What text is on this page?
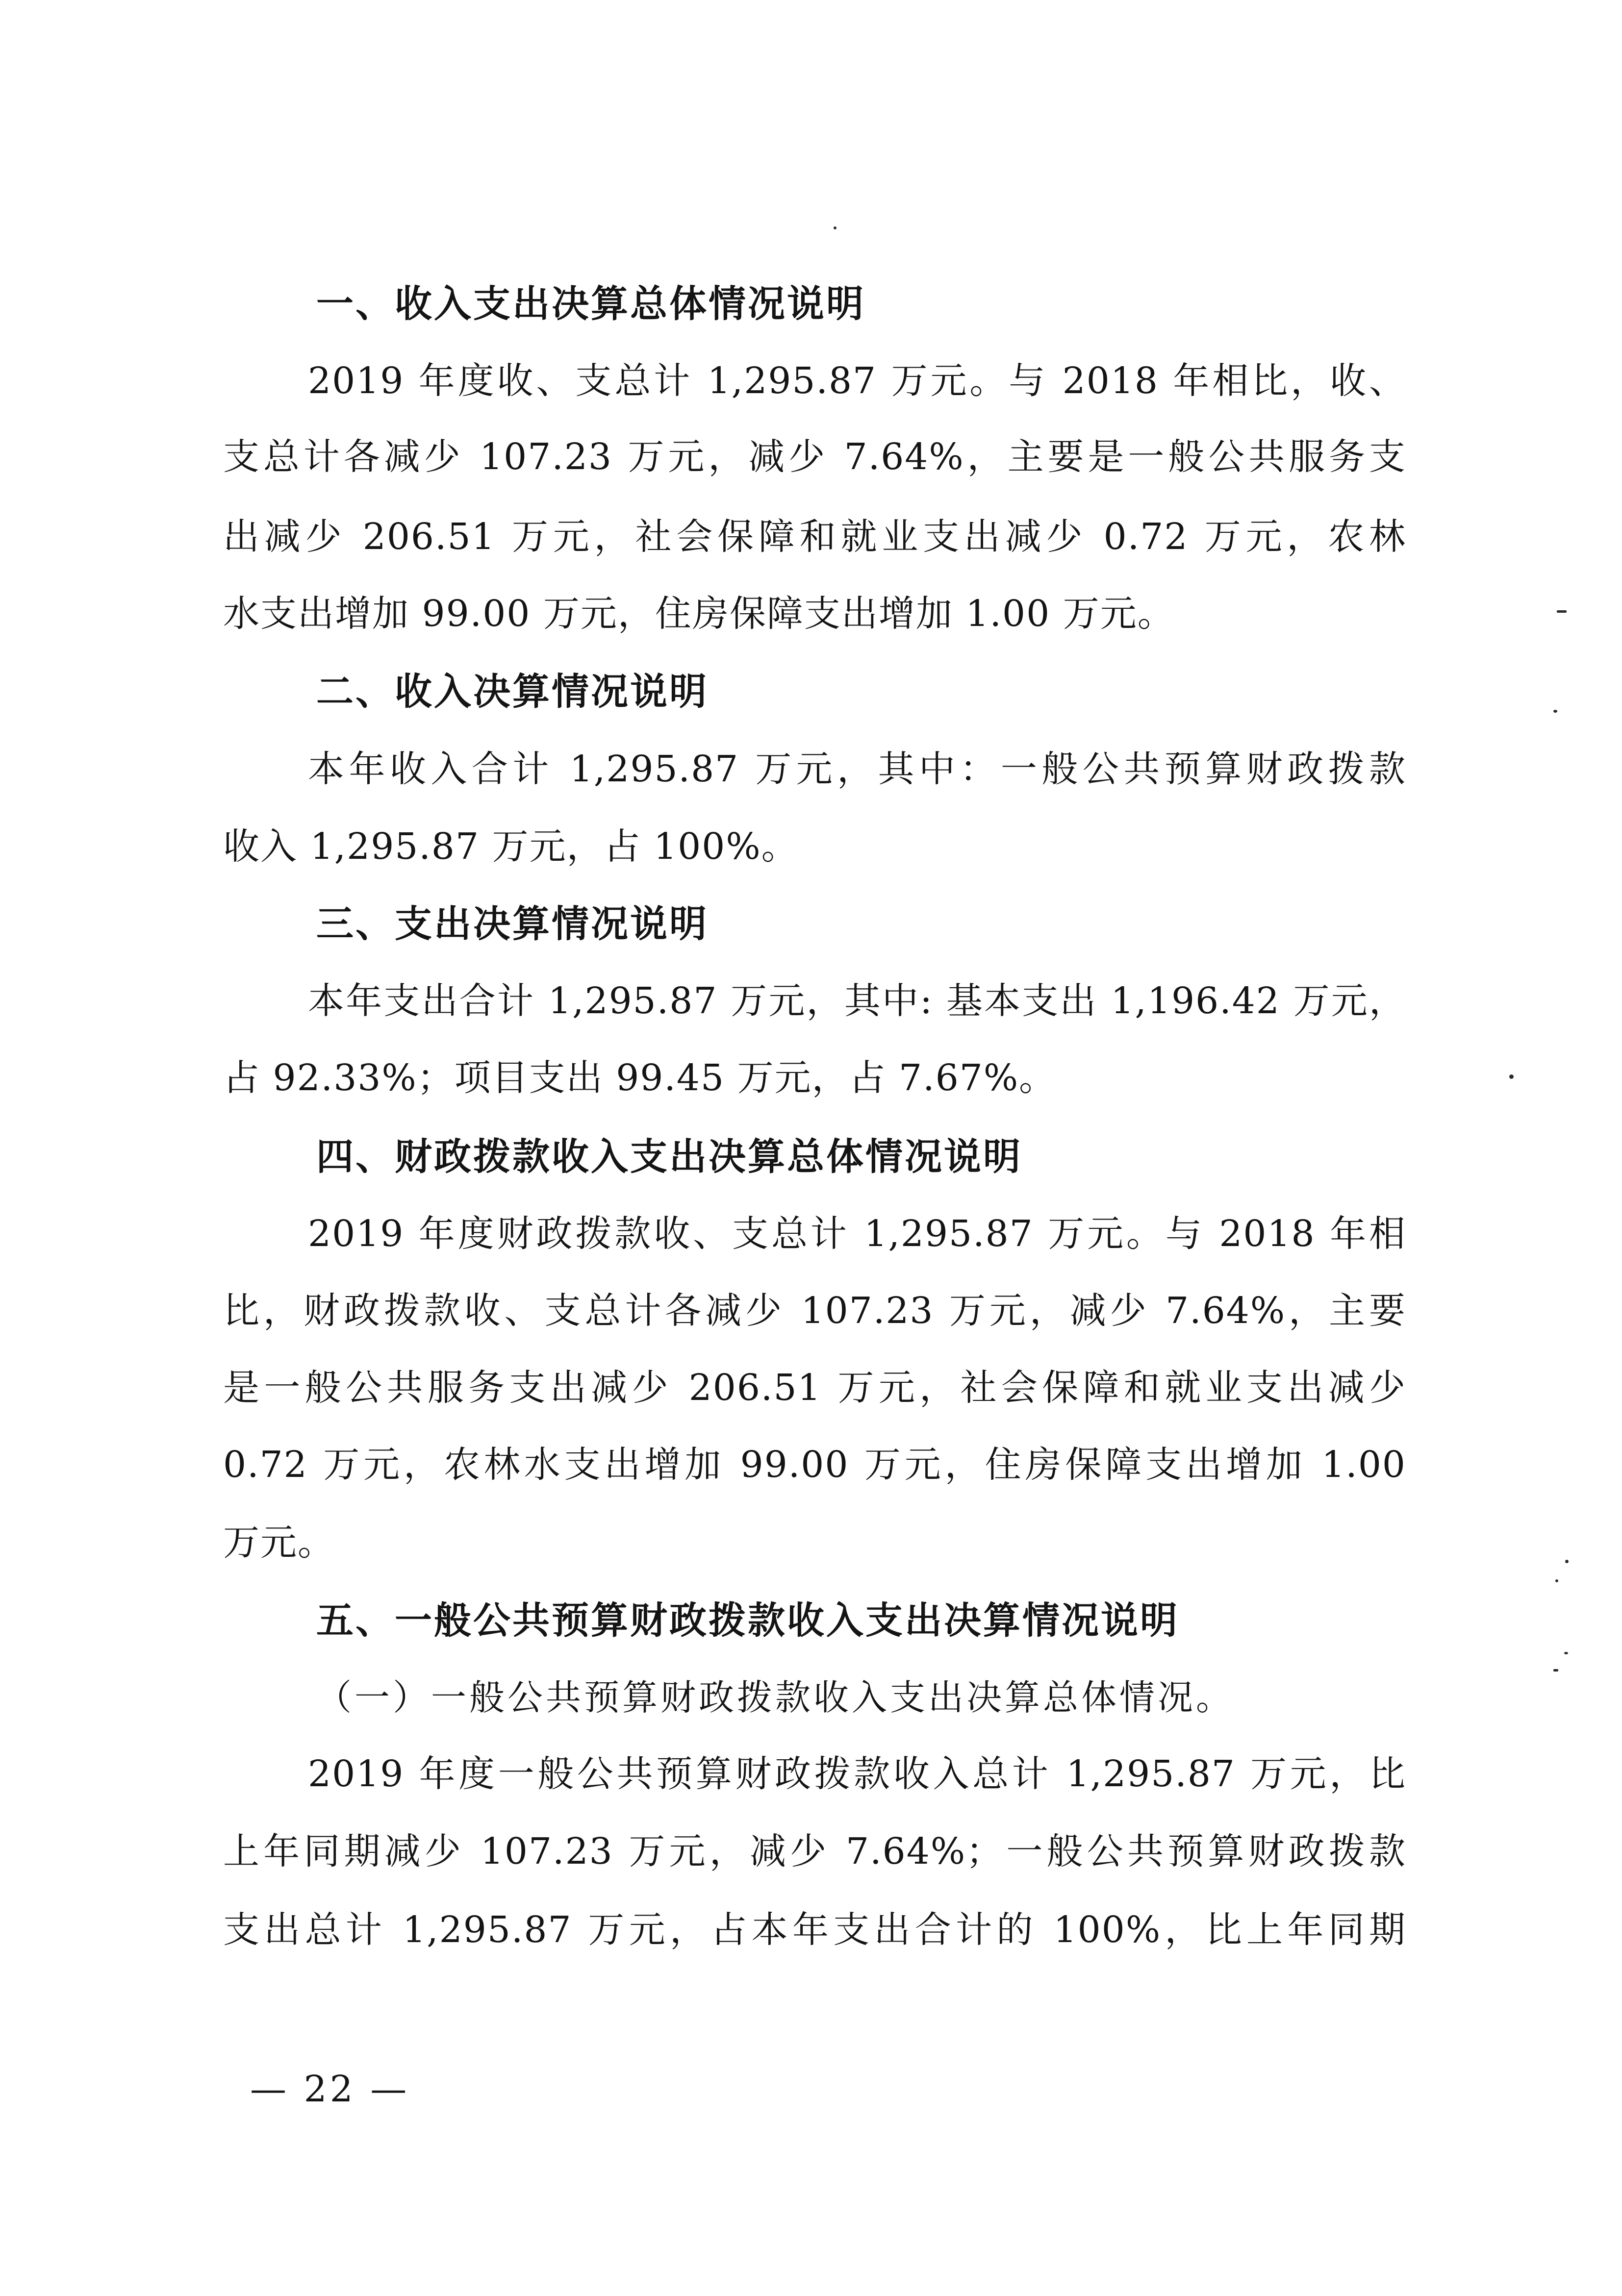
一、收入支出决算总体情况说明

2019 年度收、支总计 1,295.87 万元。与 2018 年相比，收、

支总计各减少 107.23 万元，减少 7.64%，主要是一般公共服务支

出减少 206.51 万元，社会保障和就业支出减少 0.72 万元，农林

水支出增加 99.00 万元，住房保障支出增加 1.00 万元。

二、收入决算情况说明

本年收入合计 1,295.87 万元，其中：一般公共预算财政拨款

收入 1,295.87 万元，占 100%。

三、支出决算情况说明

本年支出合计 1,295.87 万元，其中: 基本支出 1,196.42 万元，

占 92.33%；项目支出 99.45 万元，占 7.67%。

四、财政拨款收入支出决算总体情况说明

2019 年度财政拨款收、支总计 1,295.87 万元。与 2018 年相

比，财政拨款收、支总计各减少 107.23 万元，减少 7.64%，主要

是一般公共服务支出减少 206.51 万元，社会保障和就业支出减少

0.72 万元，农林水支出增加 99.00 万元，住房保障支出增加 1.00

万元。

五、一般公共预算财政拨款收入支出决算情况说明

（一）一般公共预算财政拨款收入支出决算总体情况。

2019 年度一般公共预算财政拨款收入总计 1,295.87 万元，比

上年同期减少 107.23 万元，减少 7.64%；一般公共预算财政拨款

支出总计 1,295.87 万元，占本年支出合计的 100%，比上年同期

— 22 —
